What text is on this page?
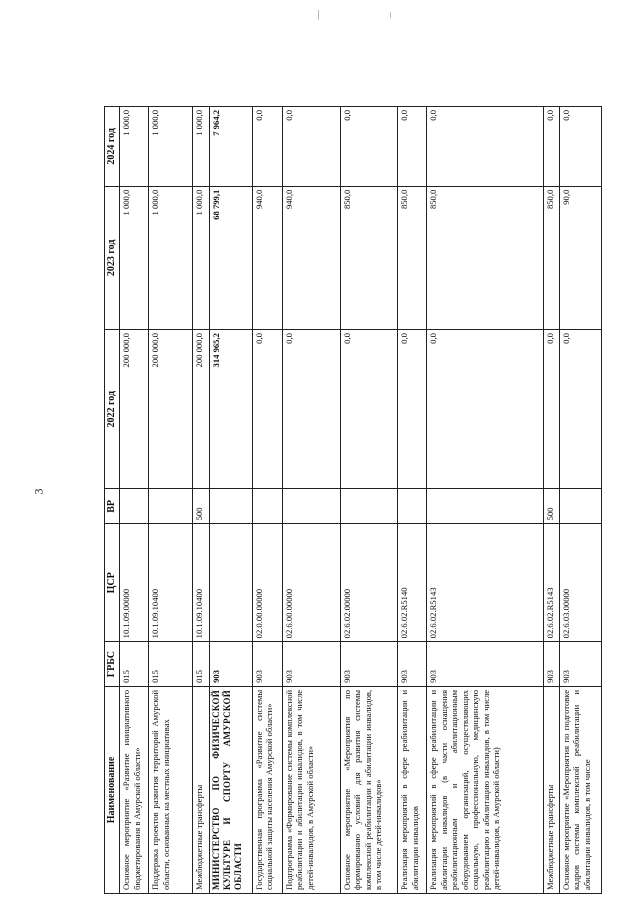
3
Наименование	ГРБС	ЦСР	ВР	2022 год	2023 год	2024 год
Основное мероприятие «Развитие инициативного бюджетирования в Амурской области»	015	10.1.09.00000		200 000,0	1 000,0	1 000,0
Поддержка проектов развития территорий Амурской области, основанных на местных инициативах	015	10.1.09.10400		200 000,0	1 000,0	1 000,0
Межбюджетные трансферты	015	10.1.09.10400	500	200 000,0	1 000,0	1 000,0
МИНИСТЕРСТВО ПО ФИЗИЧЕСКОЙ КУЛЬТУРЕ И СПОРТУ АМУРСКОЙ ОБЛАСТИ	903			314 965,2	68 799,1	7 964,2
Государственная программа «Развитие системы социальной защиты населения Амурской области»	903	02.0.00.00000		0,0	940,0	0,0
Подпрограмма «Формирование системы комплексной реабилитации и абилитации инвалидов, в том числе детей-инвалидов, в Амурской области»	903	02.6.00.00000		0,0	940,0	0,0
Основное мероприятие «Мероприятия по формированию условий для развития системы комплексной реабилитации и абилитации инвалидов, в том числе детей-инвалидов»	903	02.6.02.00000		0,0	850,0	0,0
Реализация мероприятий в сфере реабилитации и абилитации инвалидов	903	02.6.02.R5140		0,0	850,0	0,0
Реализация мероприятий в сфере реабилитации и абилитации инвалидов (в части оснащения реабилитационным и абилитационным оборудованием организаций, осуществляющих социальную, профессиональную, медицинскую реабилитацию и абилитацию инвалидов, в том числе детей-инвалидов, в Амурской области)	903	02.6.02.R5143		0,0	850,0	0,0
Межбюджетные трансферты	903	02.6.02.R5143	500	0,0	850,0	0,0
Основное мероприятие «Мероприятия по подготовке кадров системы комплексной реабилитации и абилитации инвалидов, в том числе	903	02.6.03.00000		0,0	90,0	0,0
